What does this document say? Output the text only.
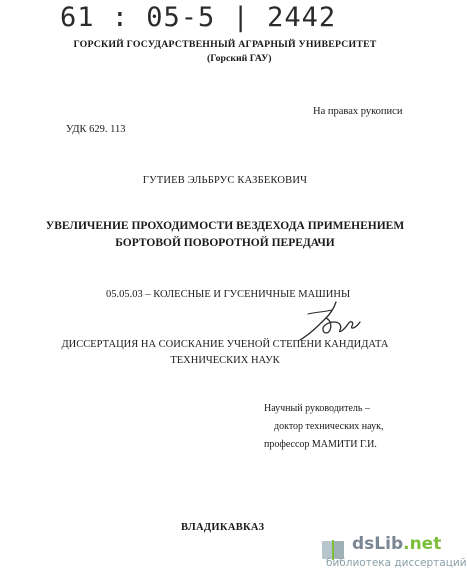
61 : 05-5 | 2442
ГОРСКИЙ ГОСУДАРСТВЕННЫЙ АГРАРНЫЙ УНИВЕРСИТЕТ
(Горский ГАУ)
На правах рукописи
УДК 629. 113
ГУТИЕВ ЭЛЬБРУС КАЗБЕКОВИЧ
УВЕЛИЧЕНИЕ ПРОХОДИМОСТИ ВЕЗДЕХОДА ПРИМЕНЕНИЕМ
БОРТОВОЙ ПОВОРОТНОЙ ПЕРЕДАЧИ
05.05.03 – КОЛЕСНЫЕ И ГУСЕНИЧНЫЕ МАШИНЫ
ДИССЕРТАЦИЯ НА СОИСКАНИЕ УЧЕНОЙ СТЕПЕНИ КАНДИДАТА
ТЕХНИЧЕСКИХ НАУК
Научный руководитель –
доктор технических наук,
профессор МАМИТИ Г.И.
ВЛАДИКАВКАЗ
dsLib.net
библиотека диссертаций
